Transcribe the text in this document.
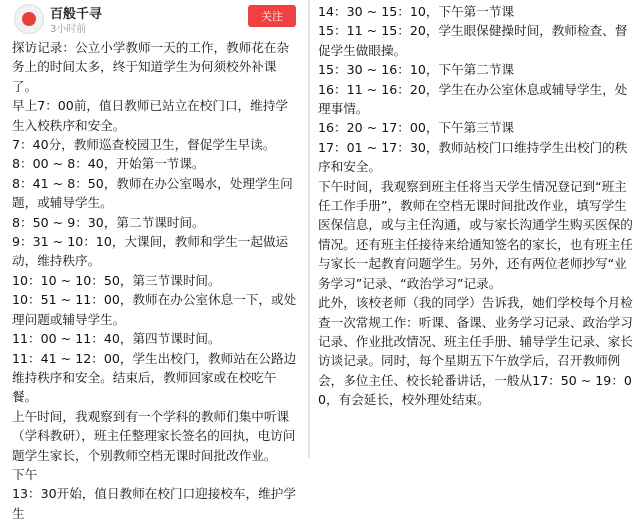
百般千寻
3小时前
关注

探访记录：公立小学教师一天的工作，教师花在杂务上的时间太多，终于知道学生为何须校外补课了。

早上7：00前，值日教师已站立在校门口，维持学生入校秩序和安全。

7：40分，教师巡查校园卫生，督促学生早读。

8：00 ~ 8：40，开始第一节课。

8：41 ~ 8：50，教师在办公室喝水，处理学生问题，或辅导学生。

8：50 ~ 9：30，第二节课时间。

9：31 ~ 10：10，大课间，教师和学生一起做运动，维持秩序。

10：10 ~ 10：50，第三节课时间。

10：51 ~ 11：00，教师在办公室休息一下，或处理问题或辅导学生。

11：00 ~ 11：40，第四节课时间。

11：41 ~ 12：00，学生出校门，教师站在公路边维持秩序和安全。结束后，教师回家或在校吃午餐。

上午时间，我观察到有一个学科的教师们集中听课（学科教研），班主任整理家长签名的回执，电访问题学生家长，个别教师空档无课时间批改作业。

下午

13：30开始，值日教师在校门口迎接校车，维护学生

14：30 ~ 15：10，下午第一节课

15：11 ~ 15：20，学生眼保健操时间，教师检查、督促学生做眼操。

15：30 ~ 16：10，下午第二节课

16：11 ~ 16：20，学生在办公室休息或辅导学生，处理事情。

16：20 ~ 17：00，下午第三节课

17：01 ~ 17：30，教师站校门口维持学生出校门的秩序和安全。

下午时间，我观察到班主任将当天学生情况登记到“班主任工作手册”，教师在空档无课时间批改作业，填写学生医保信息，或与主任沟通，或与家长沟通学生购买医保的情况。还有班主任接待来给通知签名的家长，也有班主任与家长一起教育问题学生。另外，还有两位老师抄写“业务学习”记录、“政治学习”记录。

此外，该校老师（我的同学）告诉我，她们学校每个月检查一次常规工作：听课、备课、业务学习记录、政治学习记录、作业批改情况、班主任手册、辅导学生记录、家长访谈记录。同时，每个星期五下午放学后，召开教师例会，多位主任、校长轮番讲话，一般从17：50 ~ 19：00，有会延长，校外理处结束。
